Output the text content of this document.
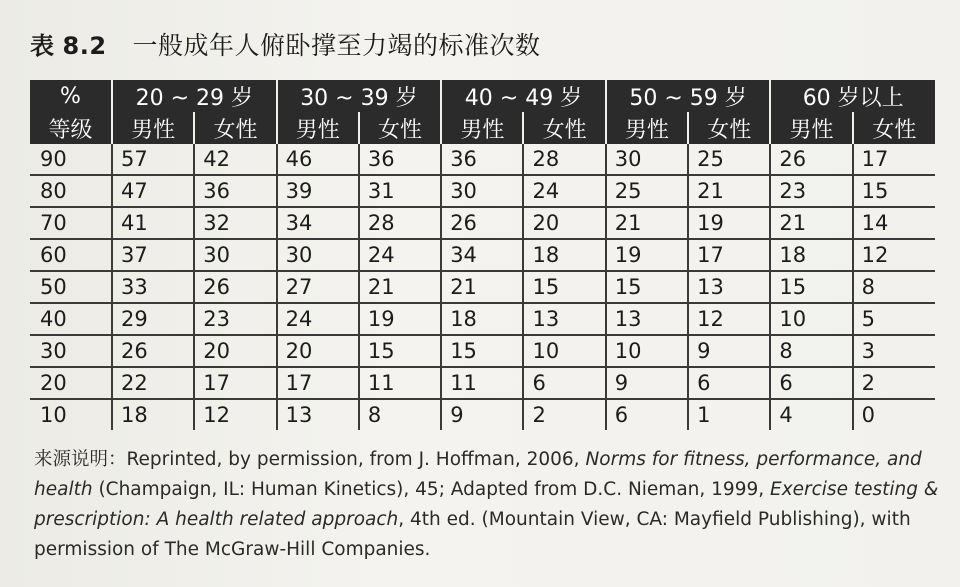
表 8.2 一般成年人俯卧撑至力竭的标准次数
%	20 ~ 29 岁		30 ~ 39 岁		40 ~ 49 岁		50 ~ 59 岁		60 岁以上	
等级	男性	女性	男性	女性	男性	女性	男性	女性	男性	女性
90	57	42	46	36	36	28	30	25	26	17
80	47	36	39	31	30	24	25	21	23	15
70	41	32	34	28	26	20	21	19	21	14
60	37	30	30	24	34	18	19	17	18	12
50	33	26	27	21	21	15	15	13	15	8
40	29	23	24	19	18	13	13	12	10	5
30	26	20	20	15	15	10	10	9	8	3
20	22	17	17	11	11	6	9	6	6	2
10	18	12	13	8	9	2	6	1	4	0
来源说明：Reprinted, by permission, from J. Hoffman, 2006, Norms for fitness, performance, and health (Champaign, IL: Human Kinetics), 45; Adapted from D.C. Nieman, 1999, Exercise testing & prescription: A health related approach, 4th ed. (Mountain View, CA: Mayfield Publishing), with permission of The McGraw-Hill Companies.
